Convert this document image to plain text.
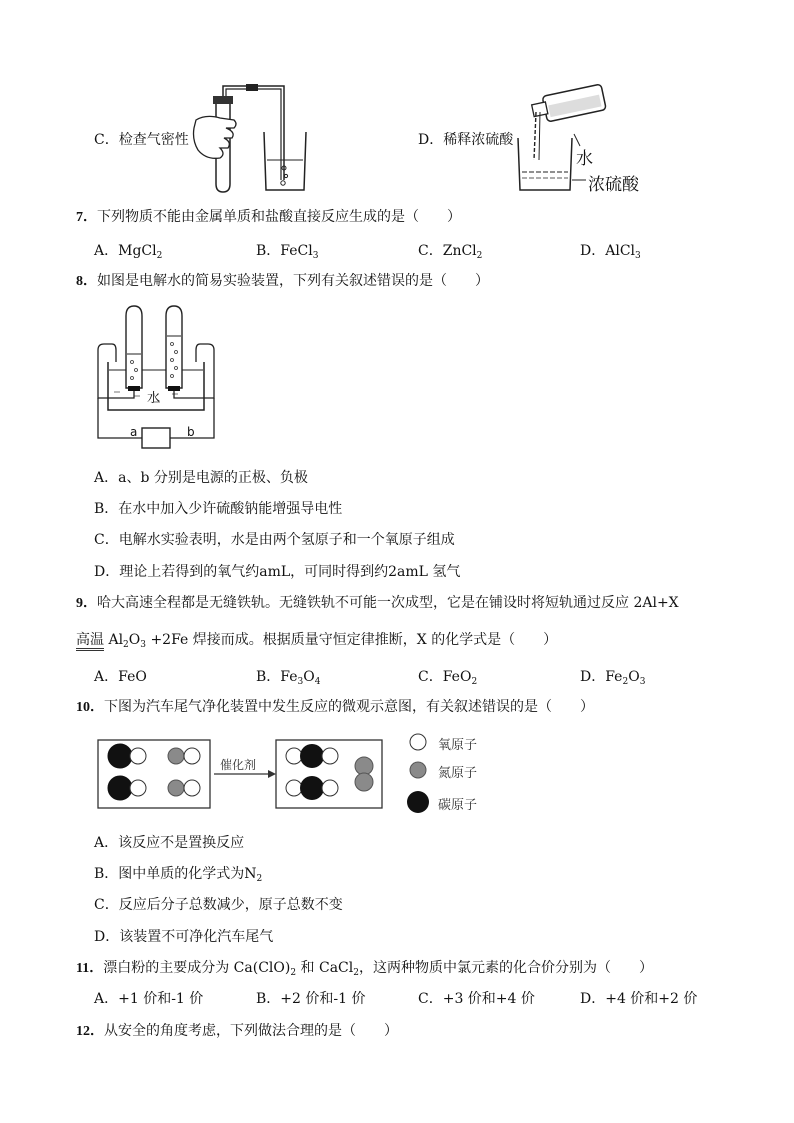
C．检查气密性	D．稀释浓硫酸
水
浓硫酸
7．下列物质不能由金属单质和盐酸直接反应生成的是（　　）
A．MgCl$_2$	B．FeCl$_3$	C．ZnCl$_2$	D．AlCl$_3$
8．如图是电解水的简易实验装置，下列有关叙述错误的是（　　）
水
a	b
A．a、b 分别是电源的正极、负极
B．在水中加入少许硫酸钠能增强导电性
C．电解水实验表明，水是由两个氢原子和一个氧原子组成
D．理论上若得到的氧气约amL，可同时得到约2amL 氢气
9．哈大高速全程都是无缝铁轨。无缝铁轨不可能一次成型，它是在铺设时将短轨通过反应 2Al+X
高温 $Al_2O_3 +2Fe$ 焊接而成。根据质量守恒定律推断，X 的化学式是（　　）
A．FeO	B．$Fe_3O_4$	C．FeO$_2$	D．$Fe_2O_3$
10．下图为汽车尾气净化装置中发生反应的微观示意图，有关叙述错误的是（　　）
催化剂
氧原子
氮原子
碳原子
A．该反应不是置换反应
B．图中单质的化学式为$N_2$
C．反应后分子总数减少，原子总数不变
D．该装置不可净化汽车尾气
11．漂白粉的主要成分为 $Ca(ClO)_2$ 和 CaCl$_2$，这两种物质中氯元素的化合价分别为（　　）
A．+1 价和-1 价	B．+2 价和-1 价	C．+3 价和+4 价	D．+4 价和+2 价
12．从安全的角度考虑，下列做法合理的是（　　）
